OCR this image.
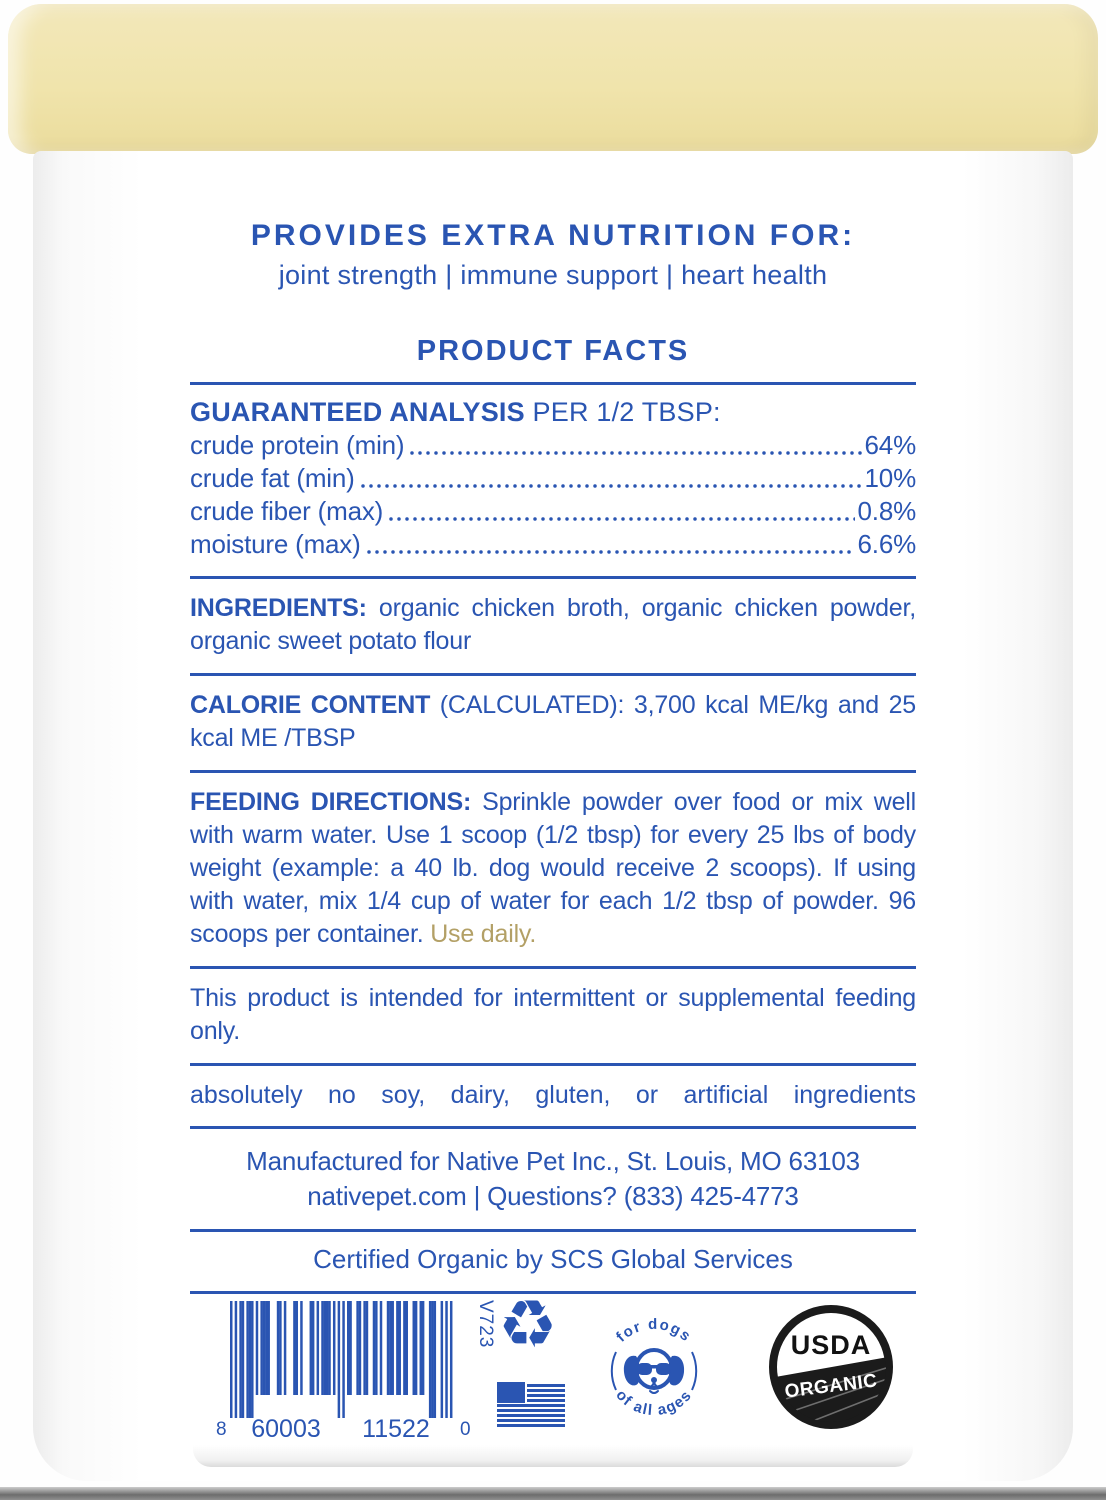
PROVIDES EXTRA NUTRITION FOR:
joint strength | immune support | heart health
PRODUCT FACTS
GUARANTEED ANALYSIS PER 1/2 TBSP:
crude protein (min)	64%
crude fat (min)	10%
crude fiber (max)	0.8%
moisture (max)	6.6%
INGREDIENTS: organic chicken broth, organic chicken powder, organic sweet potato flour
CALORIE CONTENT (CALCULATED): 3,700 kcal ME/kg and 25 kcal ME /TBSP
FEEDING DIRECTIONS: Sprinkle powder over food or mix well with warm water. Use 1 scoop (1/2 tbsp) for every 25 lbs of body weight (example: a 40 lb. dog would receive 2 scoops). If using with water, mix 1/4 cup of water for each 1/2 tbsp of powder. 96 scoops per container. Use daily.
This product is intended for intermittent or supplemental feeding only.
absolutely no soy, dairy, gluten, or artificial ingredients
Manufactured for Native Pet Inc., St. Louis, MO 63103
nativepet.com | Questions? (833) 425-4773
Certified Organic by SCS Global Services
8 60003 11522 0
V723 ♻	for dogs
of all ages
USDA
ORGANIC
